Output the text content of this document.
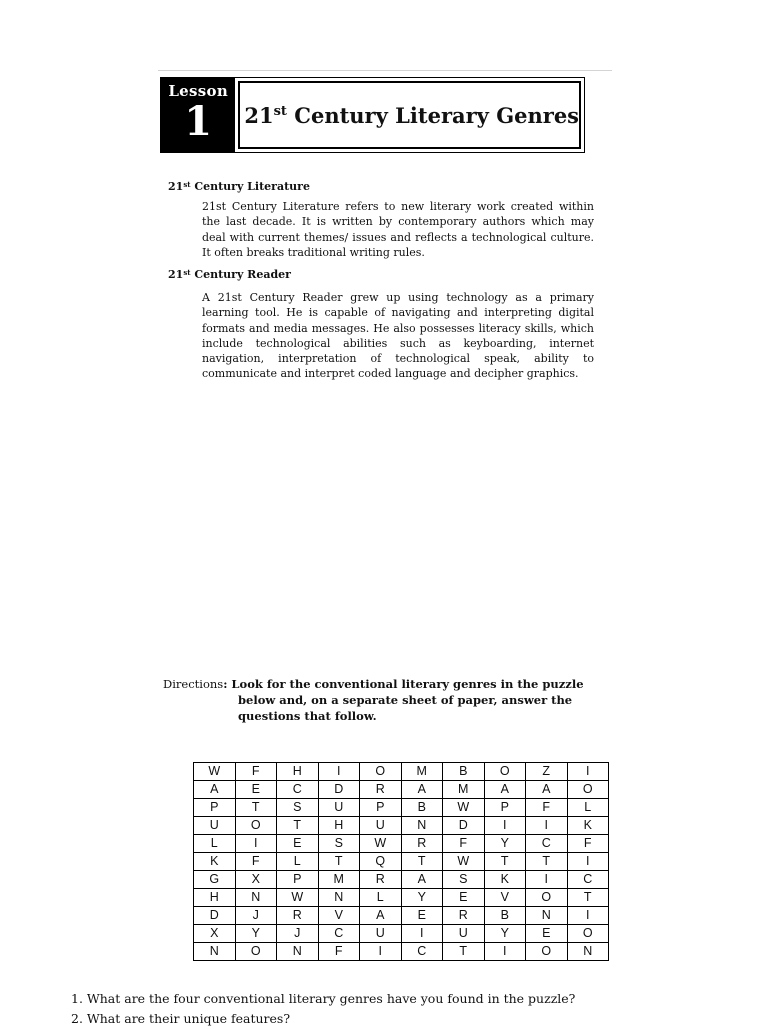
Lesson
1 21st Century Literary Genres
21st Century Literature

21st Century Literature refers to new literary work created within the last decade. It is written by contemporary authors which may deal with current themes/ issues and reflects a technological culture. It often breaks traditional writing rules.

21st Century Reader

A 21st Century Reader grew up using technology as a primary learning tool. He is capable of navigating and interpreting digital formats and media messages. He also possesses literacy skills, which include technological abilities such as keyboarding, internet navigation, interpretation of technological speak, ability to communicate and interpret coded language and decipher graphics.

Directions: Look for the conventional literary genres in the puzzle
below and, on a separate sheet of paper, answer the
questions that follow.

W	F	H	I	O	M	B	O	Z	I
A	E	C	D	R	A	M	A	A	O
P	T	S	U	P	B	W	P	F	L
U	O	T	H	U	N	D	I	I	K
L	I	E	S	W	R	F	Y	C	F
K	F	L	T	Q	T	W	T	T	I
G	X	P	M	R	A	S	K	I	C
H	N	W	N	L	Y	E	V	O	T
D	J	R	V	A	E	R	B	N	I
X	Y	J	C	U	I	U	Y	E	O
N	O	N	F	I	C	T	I	O	N
1. What are the four conventional literary genres have you found in the puzzle?
2. What are their unique features?
